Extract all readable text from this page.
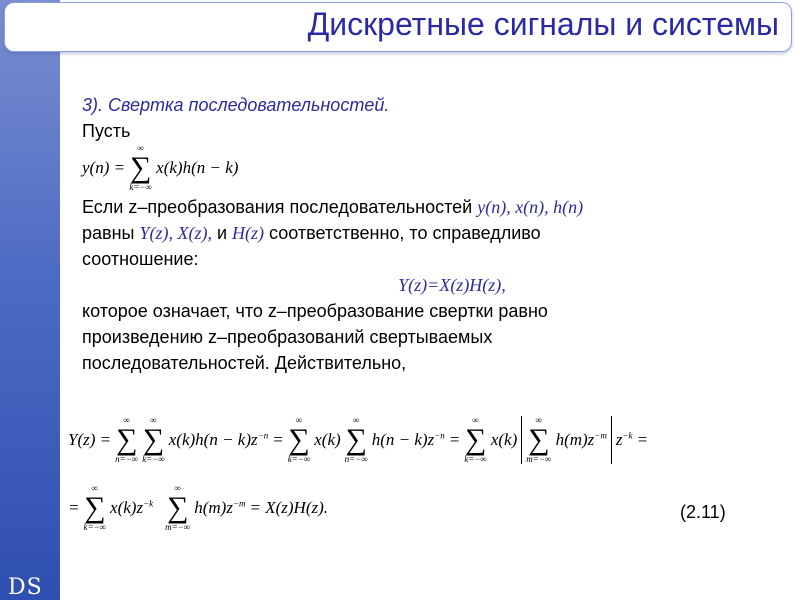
DS
Дискретные сигналы и системы
3). Свертка последовательностей.
Пусть
y(n) =
∞
∑
k=−∞
x(k)h(n − k)
Если z–преобразования последовательностей y(n), x(n), h(n)
равны Y(z), X(z), и H(z) соответственно, то справедливо
соотношение:
Y(z)=X(z)H(z),
которое означает, что z–преобразование свертки равно
произведению z–преобразований свертываемых
последовательностей. Действительно,
Y(z) =
∞
∑
n=−∞

∞
∑
k=−∞
$x(k)h(n - k)z^{-n}$ =
∞
∑
k=−∞
x(k)
∞
∑
n=−∞
$h(n - k)z^{-n}$ =
∞
∑
k=−∞
x(k)
∞
∑
m=−∞
$h(m)z^{-m}$ $z^{-k}$ =
=
∞
∑
k=−∞
$x(k)z^{-k}$
∞
∑
m=−∞
$h(m)z^{-m} = X(z)H(z)$.	(2.11)
